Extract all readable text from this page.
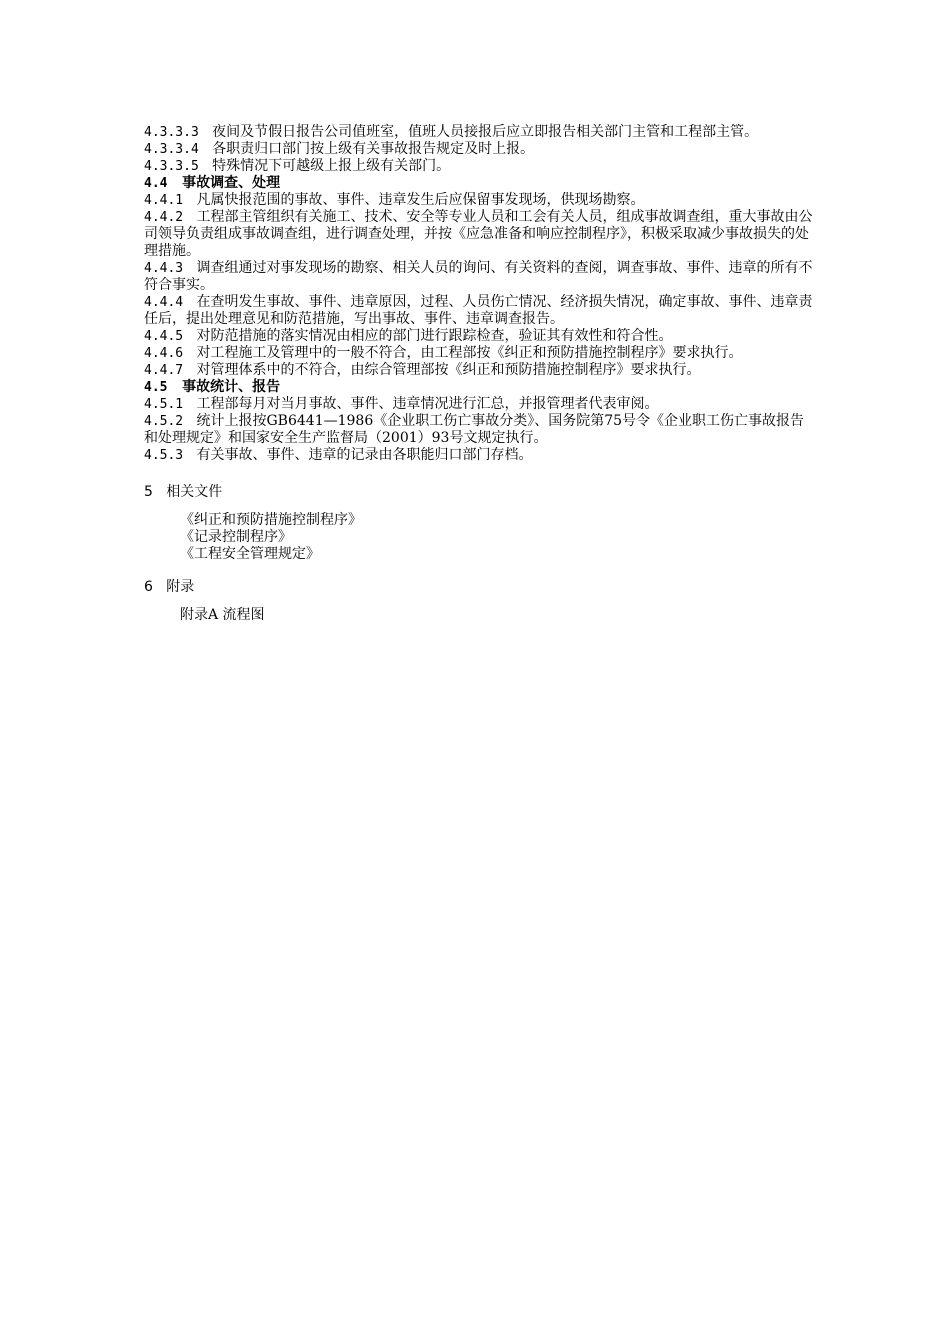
4.3.3.3 夜间及节假日报告公司值班室，值班人员接报后应立即报告相关部门主管和工程部主管。
4.3.3.4 各职责归口部门按上级有关事故报告规定及时上报。
4.3.3.5 特殊情况下可越级上报上级有关部门。
4.4 事故调查、处理
4.4.1 凡属快报范围的事故、事件、违章发生后应保留事发现场，供现场勘察。
4.4.2 工程部主管组织有关施工、技术、安全等专业人员和工会有关人员，组成事故调查组，重大事故由公司领导负责组成事故调查组，进行调查处理，并按《应急准备和响应控制程序》，积极采取减少事故损失的处理措施。
4.4.3 调查组通过对事发现场的勘察、相关人员的询问、有关资料的查阅，调查事故、事件、违章的所有不符合事实。
4.4.4 在查明发生事故、事件、违章原因，过程、人员伤亡情况、经济损失情况，确定事故、事件、违章责任后，提出处理意见和防范措施，写出事故、事件、违章调查报告。
4.4.5 对防范措施的落实情况由相应的部门进行跟踪检查，验证其有效性和符合性。
4.4.6 对工程施工及管理中的一般不符合，由工程部按《纠正和预防措施控制程序》要求执行。
4.4.7 对管理体系中的不符合，由综合管理部按《纠正和预防措施控制程序》要求执行。
4.5 事故统计、报告
4.5.1 工程部每月对当月事故、事件、违章情况进行汇总，并报管理者代表审阅。
4.5.2 统计上报按GB6441—1986《企业职工伤亡事故分类》、国务院第75号令《企业职工伤亡事故报告和处理规定》和国家安全生产监督局（2001）93号文规定执行。
4.5.3 有关事故、事件、违章的记录由各职能归口部门存档。
5 相关文件
《纠正和预防措施控制程序》
《记录控制程序》
《工程安全管理规定》
6 附录
附录A 流程图
